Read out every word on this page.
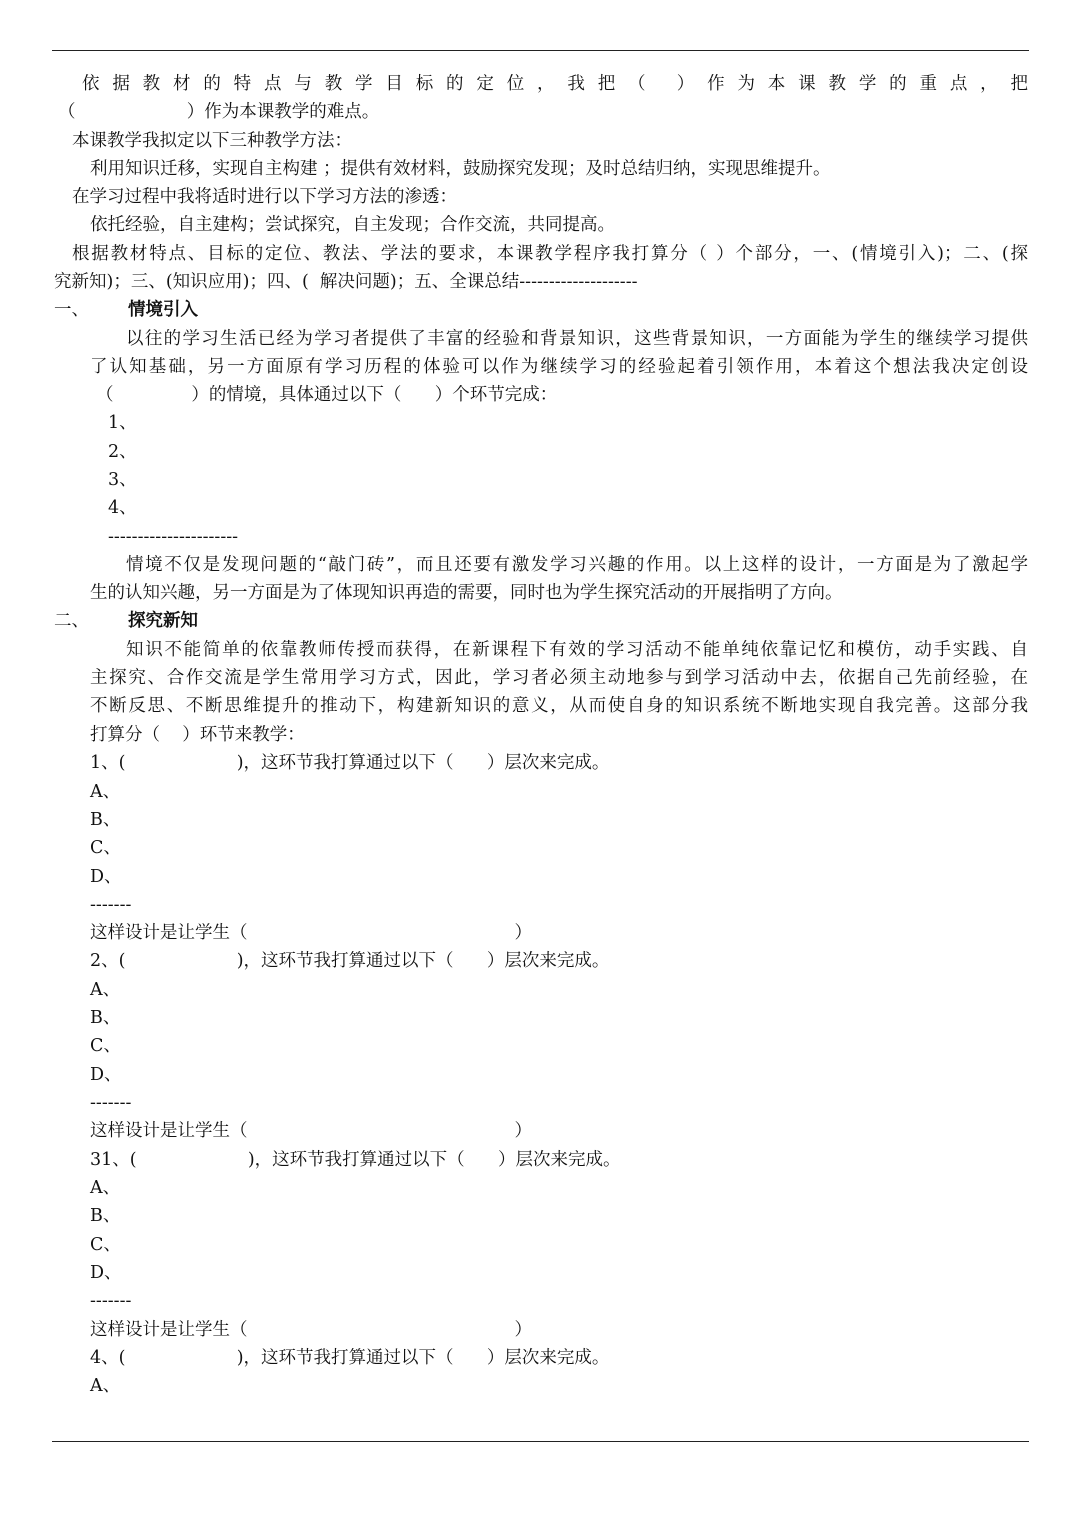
依据教材的特点与教学目标的定位，我把（ ）作为本课教学的重点，把
（                    ）作为本课教学的难点。
本课教学我拟定以下三种教学方法：
利用知识迁移，实现自主构建 ；提供有效材料，鼓励探究发现；及时总结归纳，实现思维提升。
在学习过程中我将适时进行以下学习方法的渗透：
依托经验，自主建构；尝试探究，自主发现；合作交流，共同提高。
根据教材特点、目标的定位、教法、学法的要求，本课教学程序我打算分（ ）个部分，一、(情境引入)；二、(探
究新知)；三、(知识应用)；四、(  解决问题)；五、全课总结--------------------
一、 情境引入
以往的学习生活已经为学习者提供了丰富的经验和背景知识，这些背景知识，一方面能为学生的继续学习提供
了认知基础，另一方面原有学习历程的体验可以作为继续学习的经验起着引领作用，本着这个想法我决定创设
（              ）的情境，具体通过以下（      ）个环节完成：
1、
2、
3、
4、
----------------------
情境不仅是发现问题的“敲门砖”，而且还要有激发学习兴趣的作用。以上这样的设计，一方面是为了激起学
生的认知兴趣，另一方面是为了体现知识再造的需要，同时也为学生探究活动的开展指明了方向。
二、 探究新知
知识不能简单的依靠教师传授而获得，在新课程下有效的学习活动不能单纯依靠记忆和模仿，动手实践、自
主探究、合作交流是学生常用学习方式，因此，学习者必须主动地参与到学习活动中去，依据自己先前经验，在
不断反思、不断思维提升的推动下，构建新知识的意义，从而使自身的知识系统不断地实现自我完善。这部分我
打算分（    ）环节来教学：
1、(                    )，这环节我打算通过以下（      ）层次来完成。
A、
B、
C、
D、
-------
这样设计是让学生（                                                ）
2、(                    )，这环节我打算通过以下（      ）层次来完成。
A、
B、
C、
D、
-------
这样设计是让学生（                                                ）
31、(                    )，这环节我打算通过以下（      ）层次来完成。
A、
B、
C、
D、
-------
这样设计是让学生（                                                ）
4、(                    )，这环节我打算通过以下（      ）层次来完成。
A、
